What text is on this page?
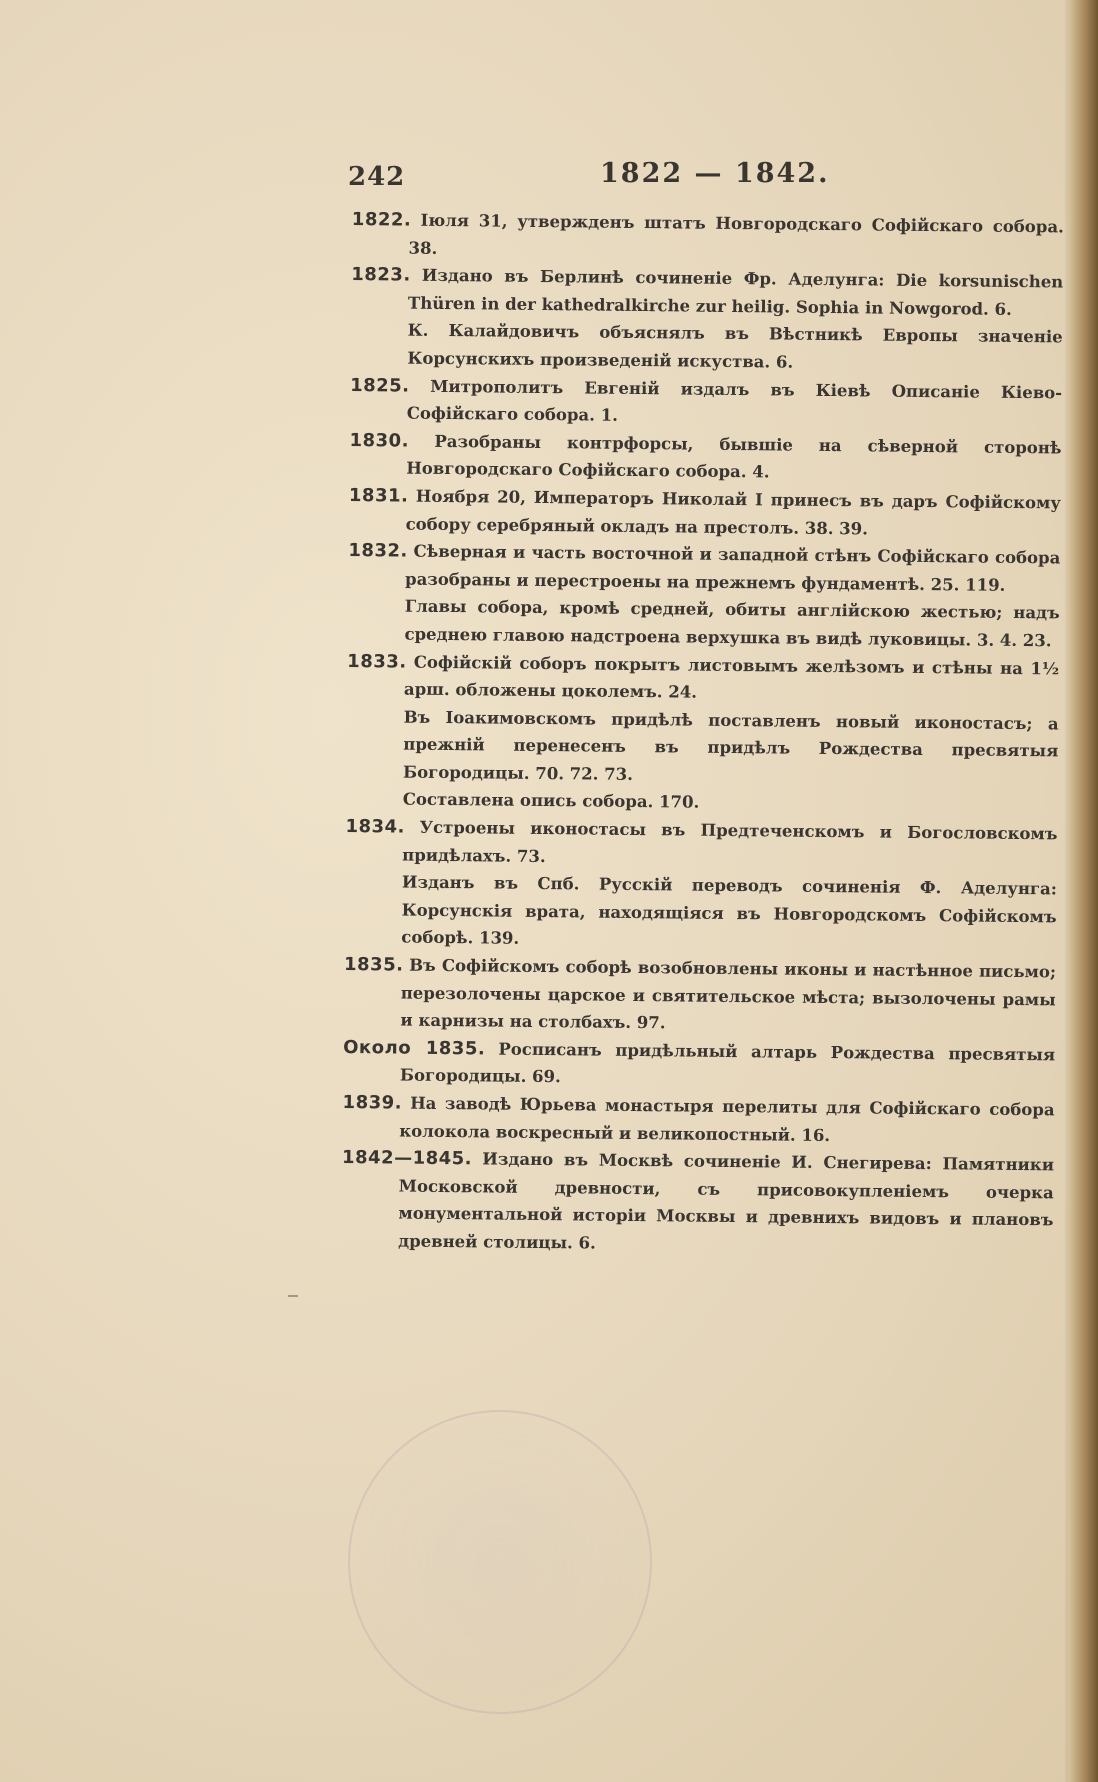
242	1822 — 1842.
1822. Іюля 31, утвержденъ штатъ Новгородскаго Софійскаго собора. 38.
1823. Издано въ Берлинѣ сочиненіе Фр. Аделунга: Die korsunischen Thüren in der kathedralkirche zur heilig. Sophia in Nowgorod. 6.
К. Калайдовичъ объяснялъ въ Вѣстникѣ Европы значеніе Корсунскихъ произведеній искуства. 6.
1825. Митрополитъ Евгеній издалъ въ Кіевѣ Описаніе Кіево-Софійскаго собора. 1.
1830. Разобраны контрфорсы, бывшіе на сѣверной сторонѣ Новгородскаго Софійскаго собора. 4.
1831. Ноября 20, Императоръ Николай I принесъ въ даръ Софійскому собору серебряный окладъ на престолъ. 38. 39.
1832. Сѣверная и часть восточной и западной стѣнъ Софійскаго собора разобраны и перестроены на прежнемъ фундаментѣ. 25. 119.
Главы собора, кромѣ средней, обиты англійскою жестью; надъ среднею главою надстроена верхушка въ видѣ луковицы. 3. 4. 23.
1833. Софійскій соборъ покрытъ листовымъ желѣзомъ и стѣны на 1½ арш. обложены цоколемъ. 24.
Въ Іоакимовскомъ придѣлѣ поставленъ новый иконостасъ; а прежній перенесенъ въ придѣлъ Рождества пресвятыя Богородицы. 70. 72. 73.
Составлена опись собора. 170.
1834. Устроены иконостасы въ Предтеченскомъ и Богословскомъ придѣлахъ. 73.
Изданъ въ Спб. Русскій переводъ сочиненія Ф. Аделунга: Корсунскія врата, находящіяся въ Новгородскомъ Софійскомъ соборѣ. 139.
1835. Въ Софійскомъ соборѣ возобновлены иконы и настѣнное письмо; перезолочены царское и святительское мѣста; вызолочены рамы и карнизы на столбахъ. 97.
Около 1835. Росписанъ придѣльный алтарь Рождества пресвятыя Богородицы. 69.
1839. На заводѣ Юрьева монастыря перелиты для Софійскаго собора колокола воскресный и великопостный. 16.
1842—1845. Издано въ Москвѣ сочиненіе И. Снегирева: Памятники Московской древности, съ присовокупленіемъ очерка монументальной исторіи Москвы и древнихъ видовъ и плановъ древней столицы. 6.
